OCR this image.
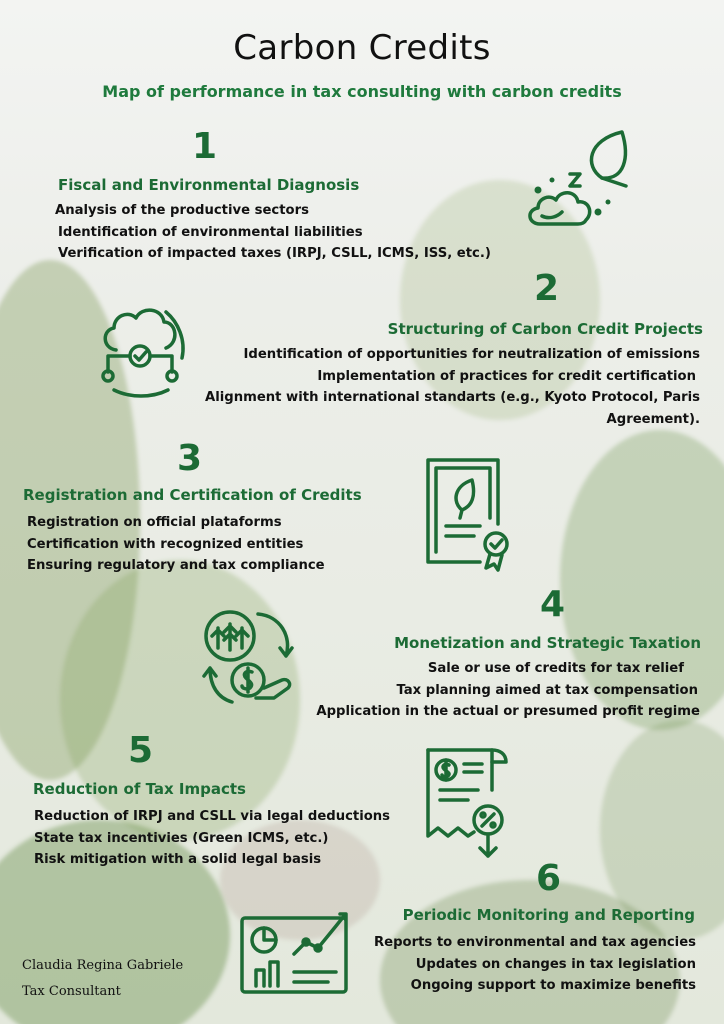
Carbon Credits
Map of performance in tax consulting with carbon credits
1
Fiscal and Environmental Diagnosis
Analysis of the productive sectors
Identification of environmental liabilities
Verification of impacted taxes (IRPJ, CSLL, ICMS, ISS, etc.)
2
Structuring of Carbon Credit Projects
Identification of opportunities for neutralization of emissions
Implementation of practices for credit certification
Alignment with international standarts (e.g., Kyoto Protocol, Paris
Agreement).
3
Registration and Certification of Credits
Registration on official plataforms
Certification with recognized entities
Ensuring regulatory and tax compliance
4
Monetization and Strategic Taxation
Sale or use of credits for tax relief
Tax planning aimed at tax compensation
Application in the actual or presumed profit regime
5
Reduction of Tax Impacts
Reduction of IRPJ and CSLL via legal deductions
State tax incentivies (Green ICMS, etc.)
Risk mitigation with a solid legal basis	6
Periodic Monitoring and Reporting
Reports to environmental and tax agencies
Updates on changes in tax legislation
Ongoing support to maximize benefits
Claudia Regina Gabriele
Tax Consultant
